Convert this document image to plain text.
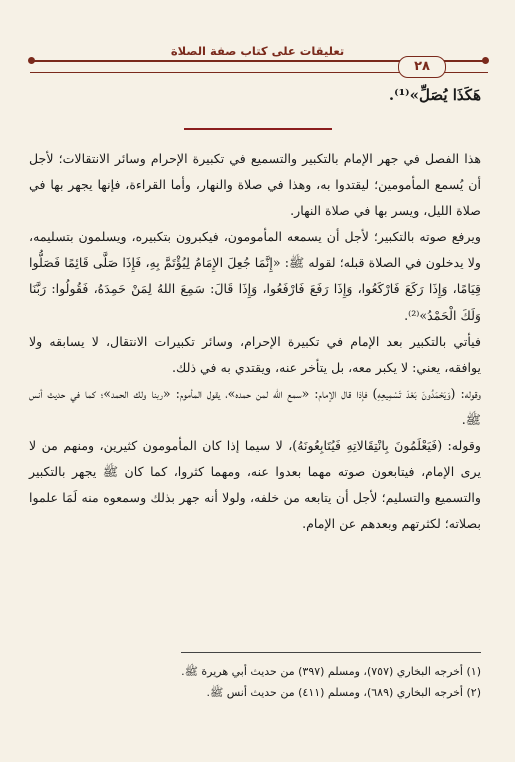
تعليقات على كتاب صفة الصلاة
٢٨
هَكَذَا يُصَلِّ»⁽¹⁾.

هذا الفصل في جهر الإمام بالتكبير والتسميع في تكبيرة الإحرام وسائر الانتقالات؛ لأجل أن يُسمع المأمومين؛ ليقتدوا به، وهذا في صلاة والنهار، وأما القراءة، فإنها يجهر بها في صلاة الليل، ويسر بها في صلاة النهار.

ويرفع صوته بالتكبير؛ لأجل أن يسمعه المأمومون، فيكبرون بتكبيره، ويسلمون بتسليمه، ولا يدخلون في الصلاة قبله؛ لقوله ﷺ: «إِنَّمَا جُعِلَ الإِمَامُ لِيُؤْتَمَّ بِهِ، فَإِذَا صَلَّى قَائِمًا فَصَلُّوا قِيَامًا، وَإِذَا رَكَعَ فَارْكَعُوا، وَإِذَا رَفَعَ فَارْفَعُوا، وَإِذَا قَالَ: سَمِعَ اللهُ لِمَنْ حَمِدَهُ، فَقُولُوا: رَبَّنَا وَلَكَ الْحَمْدُ»⁽²⁾.

فيأتي بالتكبير بعد الإمام في تكبيرة الإحرام، وسائر تكبيرات الانتقال، لا يسابقه ولا يوافقه، يعني: لا يكبر معه، بل يتأخر عنه، ويقتدي به في ذلك.

وقوله: (وَيَحْمَدُونَ بَعْدَ تَسْمِيعِهِ) فإذا قال الإمام: «سمع الله لمن حمده»، يقول المأموم: «ربنا ولك الحمد»؛ كما في حديث أنس ﷺ.

وقوله: (فَيَعْلَمُونَ بِانْتِقَالاتِهِ فَيُتَابِعُونَهُ)، لا سيما إذا كان المأمومون كثيرين، ومنهم من لا يرى الإمام، فيتابعون صوته مهما بعدوا عنه، ومهما كثروا، كما كان ﷺ يجهر بالتكبير والتسميع والتسليم؛ لأجل أن يتابعه من خلفه، ولولا أنه جهر بذلك وسمعوه منه لَمَا علموا بصلاته؛ لكثرتهم وبعدهم عن الإمام.

(١) أخرجه البخاري (٧٥٧)، ومسلم (٣٩٧) من حديث أبي هريرة ﷺ.
(٢) أخرجه البخاري (٦٨٩)، ومسلم (٤١١) من حديث أنس ﷺ.
